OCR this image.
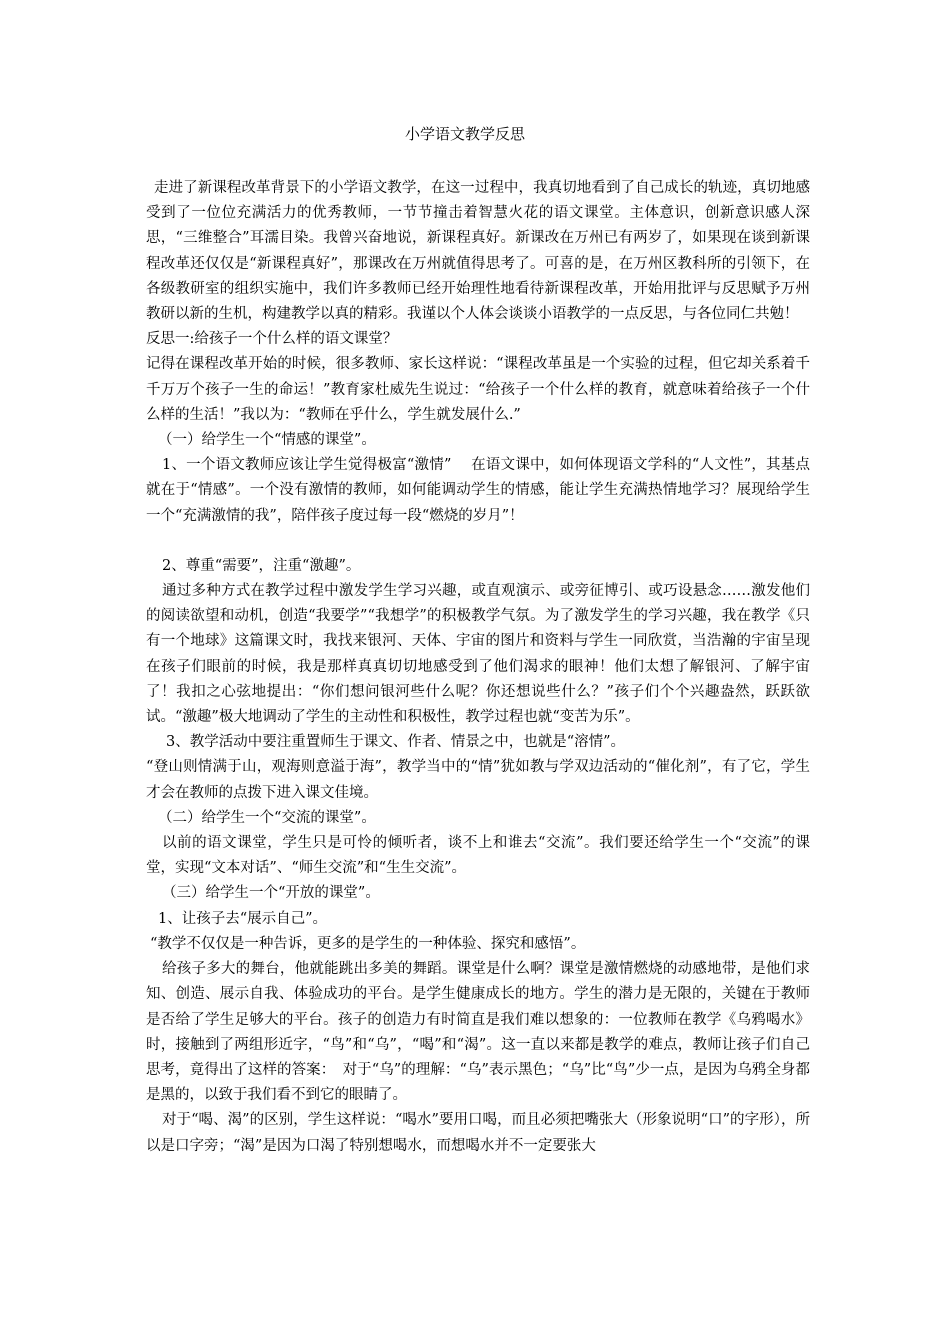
小学语文教学反思

走进了新课程改革背景下的小学语文教学，在这一过程中，我真切地看到了自己成长的轨迹，真切地感受到了一位位充满活力的优秀教师，一节节撞击着智慧火花的语文课堂。主体意识，创新意识感人深思，“三维整合”耳濡目染。我曾兴奋地说，新课程真好。新课改在万州已有两岁了，如果现在谈到新课程改革还仅仅是“新课程真好”，那课改在万州就值得思考了。可喜的是，在万州区教科所的引领下，在各级教研室的组织实施中，我们许多教师已经开始理性地看待新课程改革，开始用批评与反思赋予万州教研以新的生机，构建教学以真的精彩。我谨以个人体会谈谈小语教学的一点反思，与各位同仁共勉！

反思一:给孩子一个什么样的语文课堂？

记得在课程改革开始的时候，很多教师、家长这样说：“课程改革虽是一个实验的过程，但它却关系着千千万万个孩子一生的命运！”教育家杜威先生说过：“给孩子一个什么样的教育，就意味着给孩子一个什么样的生活！”我以为：“教师在乎什么，学生就发展什么.”

（一）给学生一个“情感的课堂”。

1、一个语文教师应该让学生觉得极富“激情”　 在语文课中，如何体现语文学科的“人文性”，其基点就在于“情感”。一个没有激情的教师，如何能调动学生的情感，能让学生充满热情地学习？展现给学生一个“充满激情的我”，陪伴孩子度过每一段“燃烧的岁月”！

2、尊重“需要”，注重“激趣”。

通过多种方式在教学过程中激发学生学习兴趣，或直观演示、或旁征博引、或巧设悬念……激发他们的阅读欲望和动机，创造“我要学”“我想学”的积极教学气氛。为了激发学生的学习兴趣，我在教学《只有一个地球》这篇课文时，我找来银河、天体、宇宙的图片和资料与学生一同欣赏，当浩瀚的宇宙呈现在孩子们眼前的时候，我是那样真真切切地感受到了他们渴求的眼神！他们太想了解银河、了解宇宙了！我扣之心弦地提出：“你们想问银河些什么呢？你还想说些什么？”孩子们个个兴趣盎然，跃跃欲试。“激趣”极大地调动了学生的主动性和积极性，教学过程也就“变苦为乐”。

3、教学活动中要注重置师生于课文、作者、情景之中，也就是“溶情”。

“登山则情满于山，观海则意溢于海”，教学当中的“情”犹如教与学双边活动的“催化剂”，有了它，学生才会在教师的点拨下进入课文佳境。

（二）给学生一个“交流的课堂”。

以前的语文课堂，学生只是可怜的倾听者，谈不上和谁去“交流”。我们要还给学生一个“交流”的课堂，实现“文本对话”、“师生交流”和“生生交流”。

（三）给学生一个“开放的课堂”。

1、让孩子去“展示自己”。

“教学不仅仅是一种告诉，更多的是学生的一种体验、探究和感悟”。

给孩子多大的舞台，他就能跳出多美的舞蹈。课堂是什么啊？课堂是激情燃烧的动感地带，是他们求知、创造、展示自我、体验成功的平台。是学生健康成长的地方。学生的潜力是无限的，关键在于教师是否给了学生足够大的平台。孩子的创造力有时简直是我们难以想象的：一位教师在教学《乌鸦喝水》时，接触到了两组形近字，“鸟”和“乌”，“喝”和“渴”。这一直以来都是教学的难点，教师让孩子们自己思考，竟得出了这样的答案：　对于“乌”的理解：“乌”表示黑色；“乌”比“鸟”少一点，是因为乌鸦全身都是黑的，以致于我们看不到它的眼睛了。

对于“喝、渴”的区别，学生这样说：“喝水”要用口喝，而且必须把嘴张大（形象说明“口”的字形），所以是口字旁；“渴”是因为口渴了特别想喝水，而想喝水并不一定要张大
